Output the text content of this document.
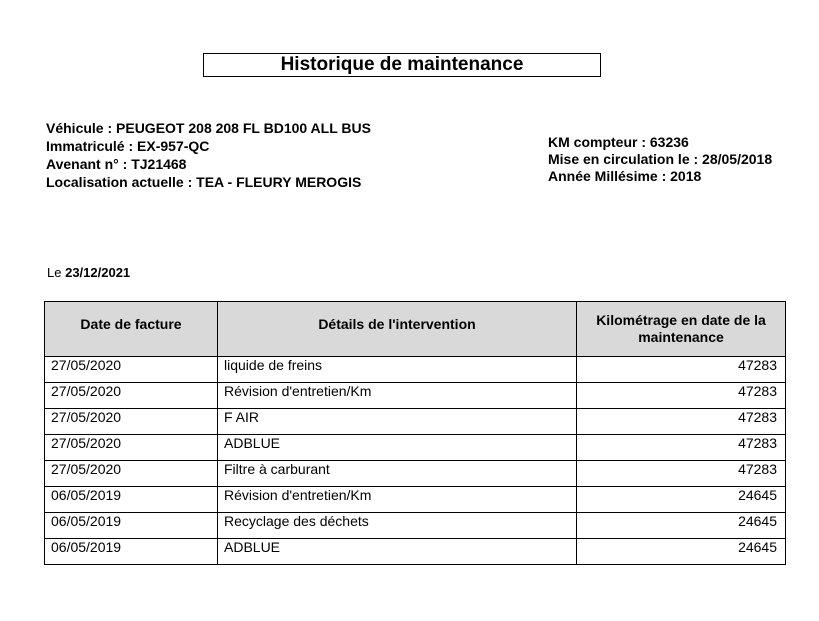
Historique de maintenance
Véhicule : PEUGEOT 208 208 FL BD100 ALL BUS
Immatriculé : EX-957-QC
Avenant n° : TJ21468
Localisation actuelle : TEA - FLEURY MEROGIS
KM compteur : 63236
Mise en circulation le : 28/05/2018
Année Millésime : 2018
Le 23/12/2021
Date de facture	Détails de l'intervention	Kilométrage en date de la maintenance
27/05/2020	liquide de freins	47283
27/05/2020	Révision d'entretien/Km	47283
27/05/2020	F AIR	47283
27/05/2020	ADBLUE	47283
27/05/2020	Filtre à carburant	47283
06/05/2019	Révision d'entretien/Km	24645
06/05/2019	Recyclage des déchets	24645
06/05/2019	ADBLUE	24645
